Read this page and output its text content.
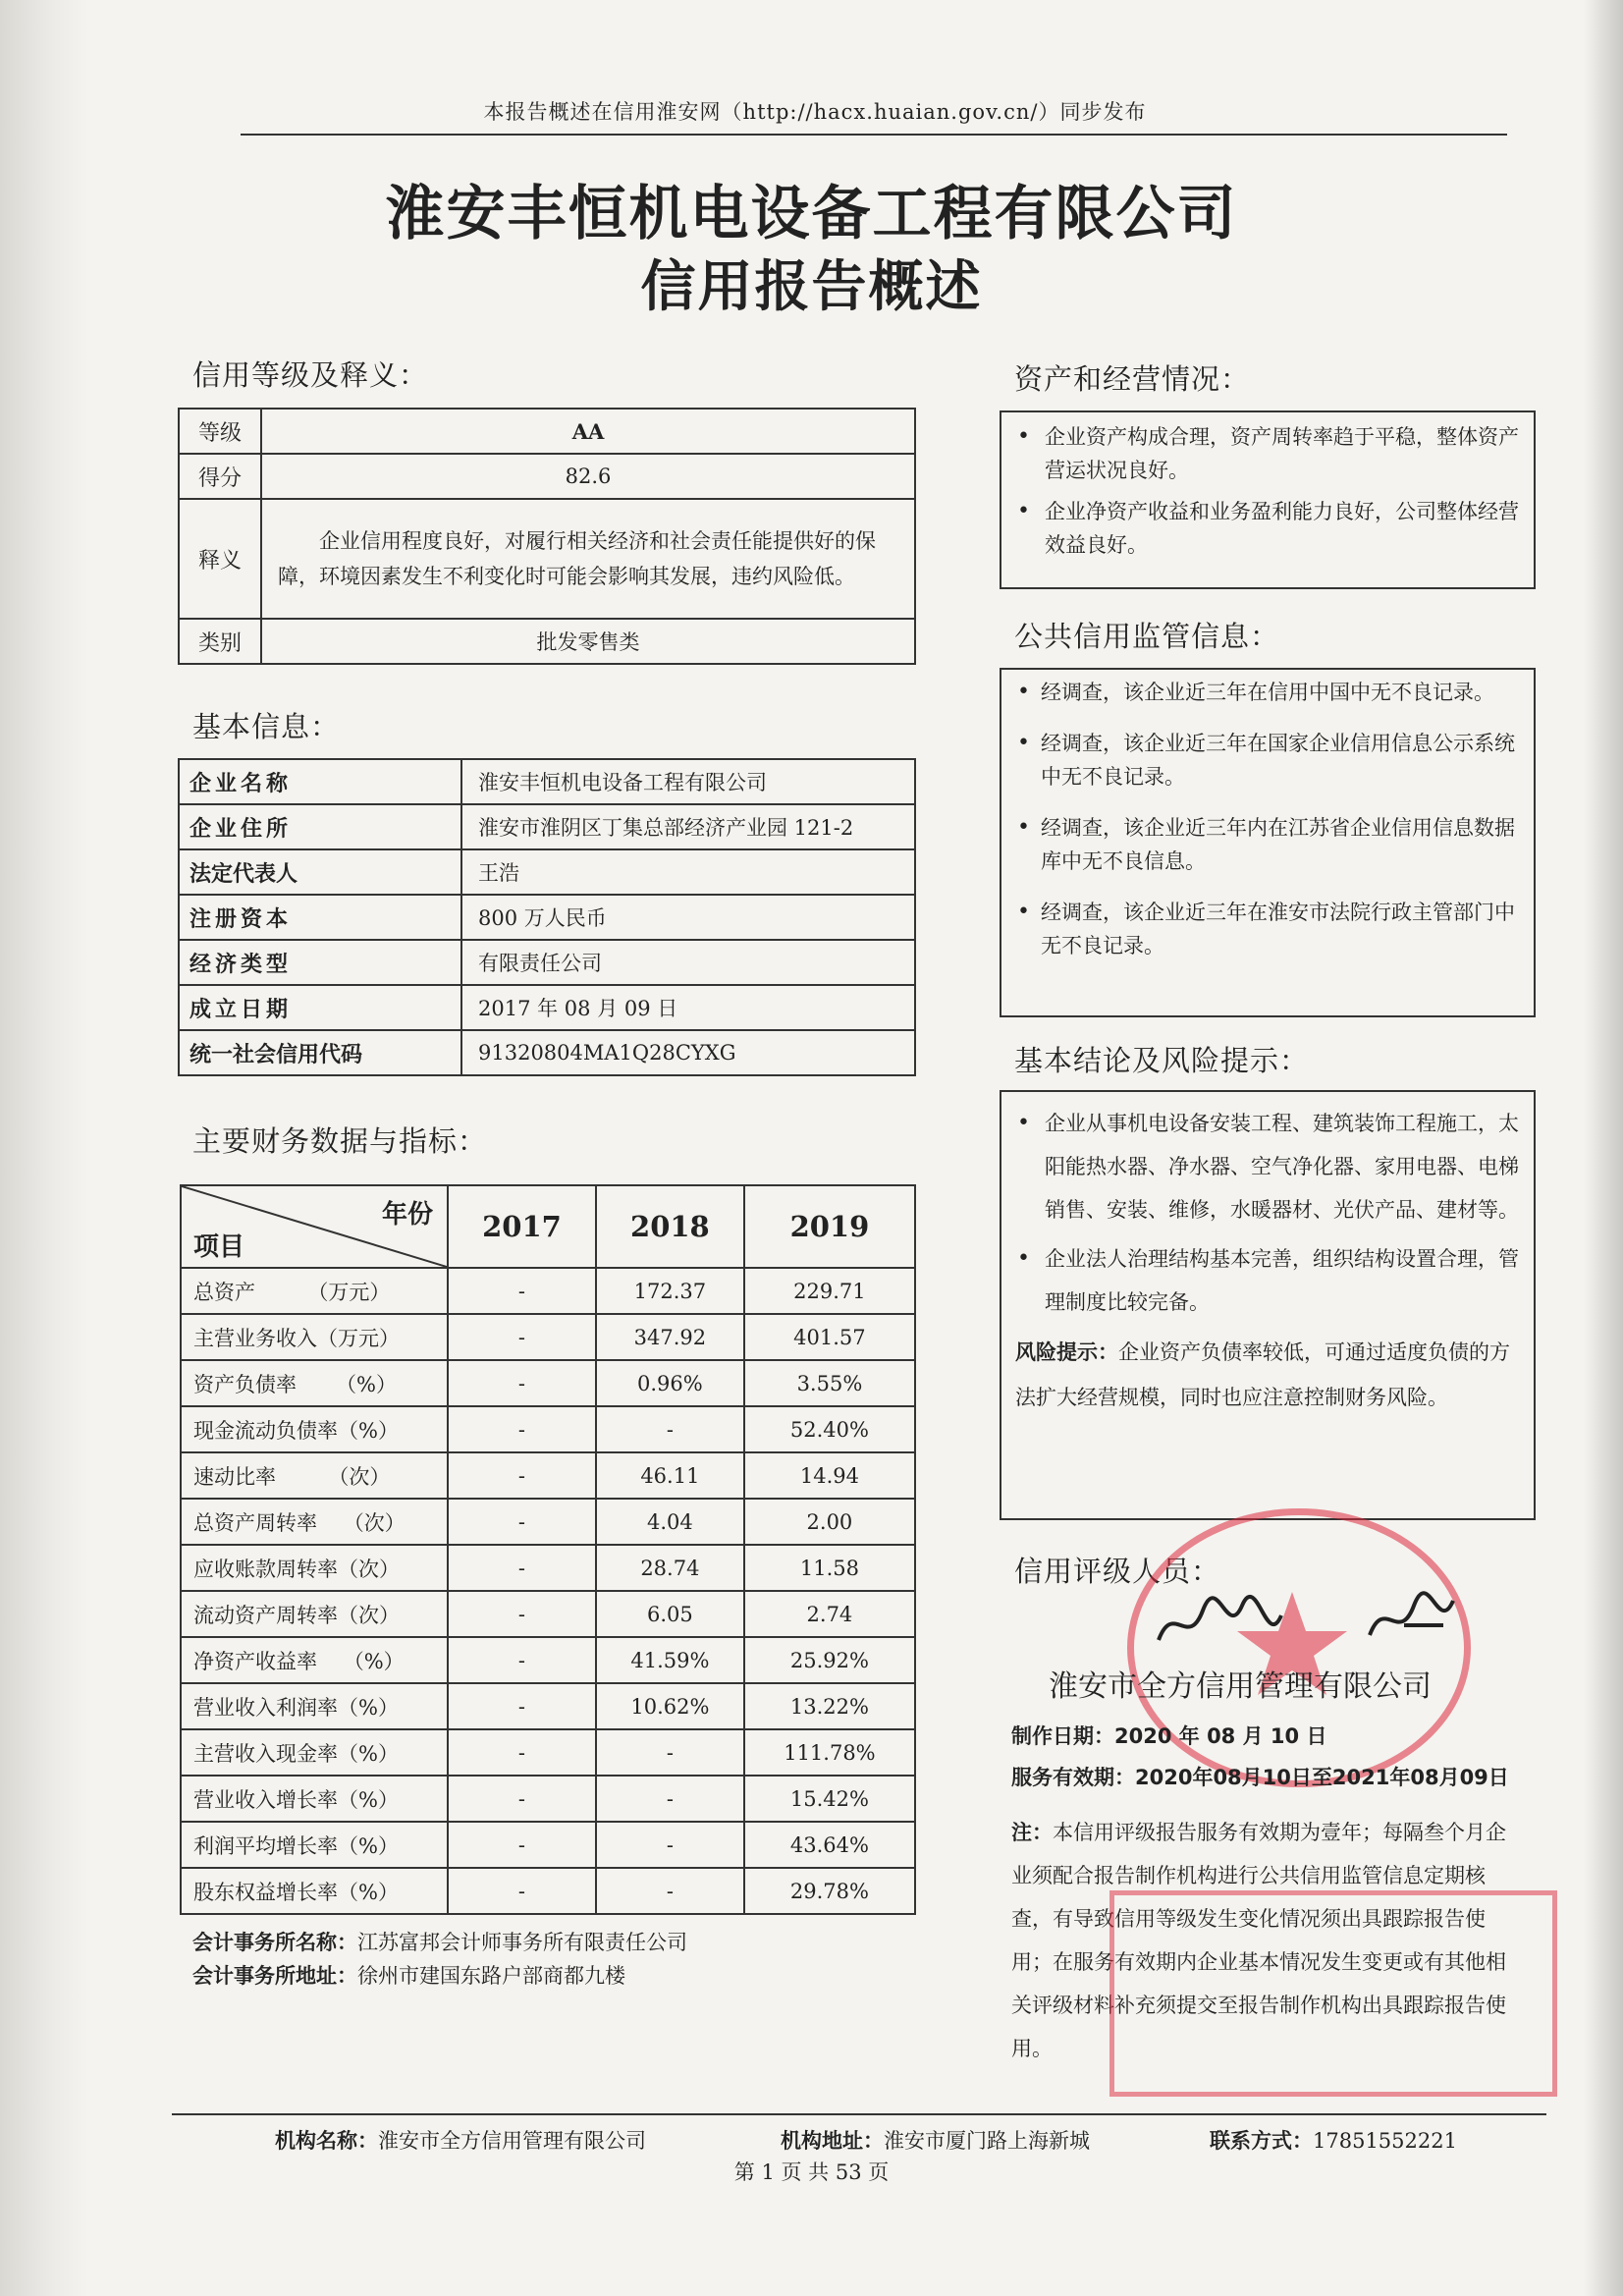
本报告概述在信用淮安网（http://hacx.huaian.gov.cn/）同步发布
淮安丰恒机电设备工程有限公司
信用报告概述
信用等级及释义：
等级	AA
得分	82.6
释义	企业信用程度良好，对履行相关经济和社会责任能提供好的保障，环境因素发生不利变化时可能会影响其发展，违约风险低。
类别	批发零售类
基本信息：
企业名称	淮安丰恒机电设备工程有限公司
企业住所	淮安市淮阴区丁集总部经济产业园 121-2
法定代表人	王浩
注册资本	800 万人民币
经济类型	有限责任公司
成立日期	2017 年 08 月 09 日
统一社会信用代码	91320804MA1Q28CYXG
主要财务数据与指标：
年份
项目	2017	2018	2019
总资产        （万元）	-	172.37	229.71
主营业务收入（万元）	-	347.92	401.57
资产负债率      （%）	-	0.96%	3.55%
现金流动负债率（%）	-	-	52.40%
速动比率        （次）	-	46.11	14.94
总资产周转率    （次）	-	4.04	2.00
应收账款周转率（次）	-	28.74	11.58
流动资产周转率（次）	-	6.05	2.74
净资产收益率    （%）	-	41.59%	25.92%
营业收入利润率（%）	-	10.62%	13.22%
主营收入现金率（%）	-	-	111.78%
营业收入增长率（%）	-	-	15.42%
利润平均增长率（%）	-	-	43.64%
股东权益增长率（%）	-	-	29.78%
会计事务所名称：江苏富邦会计师事务所有限责任公司
会计事务所地址：徐州市建国东路户部商都九楼
资产和经营情况：
• 企业资产构成合理，资产周转率趋于平稳，整体资产营运状况良好。
• 企业净资产收益和业务盈利能力良好，公司整体经营效益良好。
公共信用监管信息：
• 经调查，该企业近三年在信用中国中无不良记录。
• 经调查，该企业近三年在国家企业信用信息公示系统中无不良记录。
• 经调查，该企业近三年内在江苏省企业信用信息数据库中无不良信息。
• 经调查，该企业近三年在淮安市法院行政主管部门中无不良记录。
基本结论及风险提示：
• 企业从事机电设备安装工程、建筑装饰工程施工，太阳能热水器、净水器、空气净化器、家用电器、电梯销售、安装、维修，水暖器材、光伏产品、建材等。
• 企业法人治理结构基本完善，组织结构设置合理，管理制度比较完备。
风险提示：企业资产负债率较低，可通过适度负债的方法扩大经营规模，同时也应注意控制财务风险。
信用评级人员：
淮安市全方信用管理有限公司
制作日期：2020 年 08 月 10 日
服务有效期：2020年08月10日至2021年08月09日
注：本信用评级报告服务有效期为壹年；每隔叁个月企业须配合报告制作机构进行公共信用监管信息定期核查，有导致信用等级发生变化情况须出具跟踪报告使用；在服务有效期内企业基本情况发生变更或有其他相关评级材料补充须提交至报告制作机构出具跟踪报告使用。
机构名称：淮安市全方信用管理有限公司	机构地址：淮安市厦门路上海新城	联系方式：17851552221
第 1 页 共 53 页
